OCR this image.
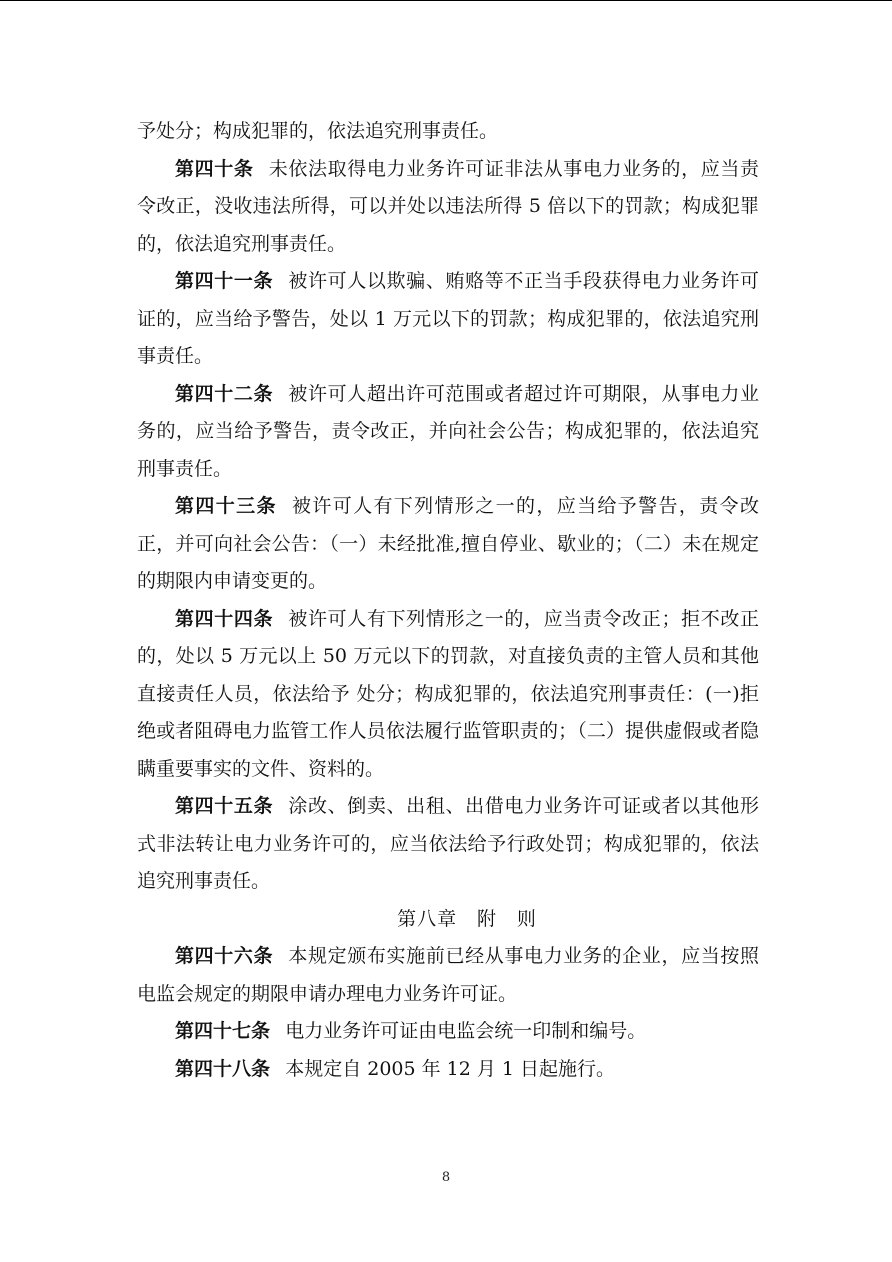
予处分；构成犯罪的，依法追究刑事责任。

第四十条 未依法取得电力业务许可证非法从事电力业务的，应当责令改正，没收违法所得，可以并处以违法所得 5 倍以下的罚款；构成犯罪的，依法追究刑事责任。

第四十一条 被许可人以欺骗、贿赂等不正当手段获得电力业务许可证的，应当给予警告，处以 1 万元以下的罚款；构成犯罪的，依法追究刑事责任。

第四十二条 被许可人超出许可范围或者超过许可期限，从事电力业务的，应当给予警告，责令改正，并向社会公告；构成犯罪的，依法追究刑事责任。

第四十三条 被许可人有下列情形之一的，应当给予警告，责令改正，并可向社会公告：（一）未经批准,擅自停业、歇业的；（二）未在规定的期限内申请变更的。

第四十四条 被许可人有下列情形之一的，应当责令改正；拒不改正的，处以 5 万元以上 50 万元以下的罚款，对直接负责的主管人员和其他直接责任人员，依法给予 处分；构成犯罪的，依法追究刑事责任：(一)拒绝或者阻碍电力监管工作人员依法履行监管职责的；（二）提供虚假或者隐瞒重要事实的文件、资料的。

第四十五条 涂改、倒卖、出租、出借电力业务许可证或者以其他形式非法转让电力业务许可的，应当依法给予行政处罚；构成犯罪的，依法追究刑事责任。

第八章　附　则

第四十六条 本规定颁布实施前已经从事电力业务的企业，应当按照电监会规定的期限申请办理电力业务许可证。

第四十七条 电力业务许可证由电监会统一印制和编号。

第四十八条 本规定自 2005 年 12 月 1 日起施行。

8
